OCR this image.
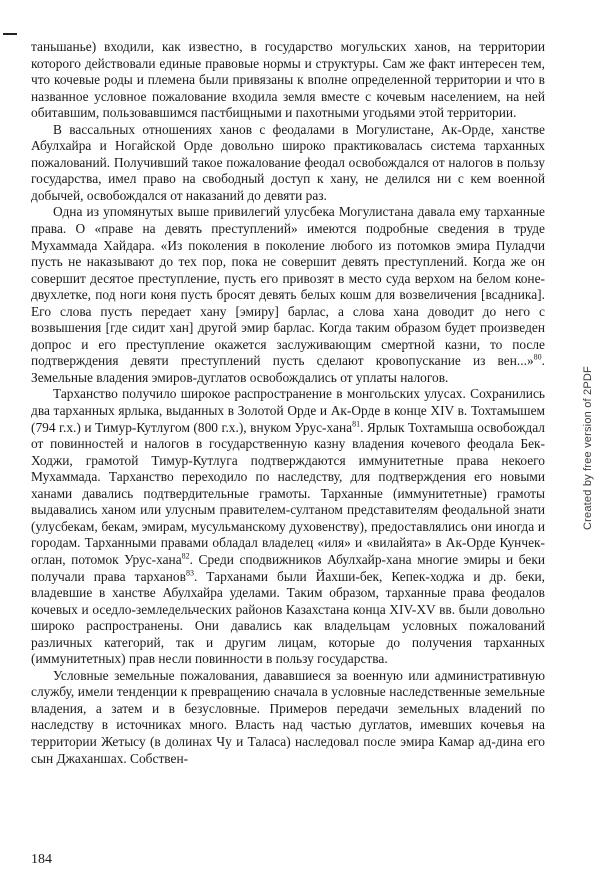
таньшанье) входили, как известно, в государство могульских ханов, на территории которого действовали единые правовые нормы и структуры. Сам же факт интересен тем, что кочевые роды и племена были привязаны к вполне определенной территории и что в названное условное пожалование входила земля вместе с кочевым населением, на ней обитавшим, пользовавшимся пастбищными и пахотными угодьями этой территории.

В вассальных отношениях ханов с феодалами в Могулистане, Ак-Орде, ханстве Абулхайра и Ногайской Орде довольно широко практиковалась система тарханных пожалований. Получивший такое пожалование феодал освобождался от налогов в пользу государства, имел право на свободный доступ к хану, не делился ни с кем военной добычей, освобождался от наказаний до девяти раз.

Одна из упомянутых выше привилегий улусбека Могулистана давала ему тарханные права. О «праве на девять преступлений» имеются подробные сведения в труде Мухаммада Хайдара. «Из поколения в поколение любого из потомков эмира Пуладчи пусть не наказывают до тех пор, пока не совершит девять преступлений. Когда же он совершит десятое преступление, пусть его привозят в место суда верхом на белом коне-двухлетке, под ноги коня пусть бросят девять белых кошм для возвеличения [всадника]. Его слова пусть передает хану [эмиру] барлас, а слова хана доводит до него с возвышения [где сидит хан] другой эмир барлас. Когда таким образом будет произведен допрос и его преступление окажется заслуживающим смертной казни, то после подтверждения девяти преступлений пусть сделают кровопускание из вен...»$^{80}$. Земельные владения эмиров-дуглатов освобождались от уплаты налогов.

Тарханство получило широкое распространение в монгольских улусах. Сохранились два тарханных ярлыка, выданных в Золотой Орде и Ак-Орде в конце XIV в. Тохтамышем (794 г.х.) и Тимур-Кутлугом (800 г.х.), внуком Урус-хана$^{81}$. Ярлык Тохтамыша освобождал от повинностей и налогов в государственную казну владения кочевого феодала Бек-Ходжи, грамотой Тимур-Кутлуга подтверждаются иммунитетные права некоего Мухаммада. Тарханство переходило по наследству, для подтверждения его новыми ханами давались подтвердительные грамоты. Тарханные (иммунитетные) грамоты выдавались ханом или улусным правителем-султаном представителям феодальной знати (улусбекам, бекам, эмирам, мусульманскому духовенству), предоставлялись они иногда и городам. Тарханными правами обладал владелец «иля» и «вилайята» в Ак-Орде Кунчек-оглан, потомок Урус-хана$^{82}$. Среди сподвижников Абулхайр-хана многие эмиры и беки получали права тарханов$^{83}$. Тарханами были Йахши-бек, Кепек-ходжа и др. беки, владевшие в ханстве Абулхайра уделами. Таким образом, тарханные права феодалов кочевых и оседло-земледельческих районов Казахстана конца XIV-XV вв. были довольно широко распространены. Они давались как владельцам условных пожалований различных категорий, так и другим лицам, которые до получения тарханных (иммунитетных) прав несли повинности в пользу государства.

Условные земельные пожалования, дававшиеся за военную или административную службу, имели тенденции к превращению сначала в условные наследственные земельные владения, а затем и в безусловные. Примеров передачи земельных владений по наследству в источниках много. Власть над частью дуглатов, имевших кочевья на территории Жетысу (в долинах Чу и Таласа) наследовал после эмира Камар ад-дина его сын Джаханшах. Собствен-

184
Created by free version of 2PDF
